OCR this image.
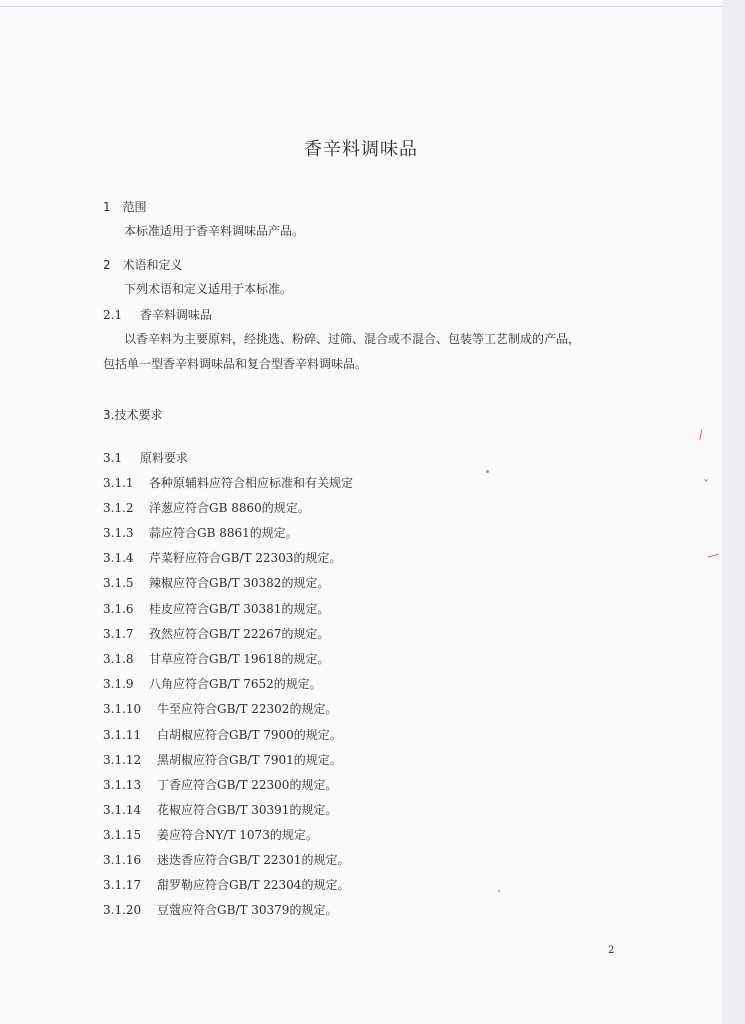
香辛料调味品
1 范围
本标准适用于香辛料调味品产品。
2 术语和定义
下列术语和定义适用于本标准。
2.1 香辛料调味品
以香辛料为主要原料，经挑选、粉碎、过筛、混合或不混合、包装等工艺制成的产品，
包括单一型香辛料调味品和复合型香辛料调味品。
3.技术要求
3.1 原料要求
3.1.1 各种原辅料应符合相应标准和有关规定
3.1.2 洋葱应符合GB 8860的规定。
3.1.3 蒜应符合GB 8861的规定。
3.1.4 芹菜籽应符合GB/T 22303的规定。
3.1.5 辣椒应符合GB/T 30382的规定。
3.1.6 桂皮应符合GB/T 30381的规定。
3.1.7 孜然应符合GB/T 22267的规定。
3.1.8 甘草应符合GB/T 19618的规定。
3.1.9 八角应符合GB/T 7652的规定。
3.1.10 牛至应符合GB/T 22302的规定。
3.1.11 白胡椒应符合GB/T 7900的规定。
3.1.12 黑胡椒应符合GB/T 7901的规定。
3.1.13 丁香应符合GB/T 22300的规定。
3.1.14 花椒应符合GB/T 30391的规定。
3.1.15 姜应符合NY/T 1073的规定。
3.1.16 迷迭香应符合GB/T 22301的规定。
3.1.17 甜罗勒应符合GB/T 22304的规定。
3.1.20 豆蔻应符合GB/T 30379的规定。
2
⁄
ˇ
—
